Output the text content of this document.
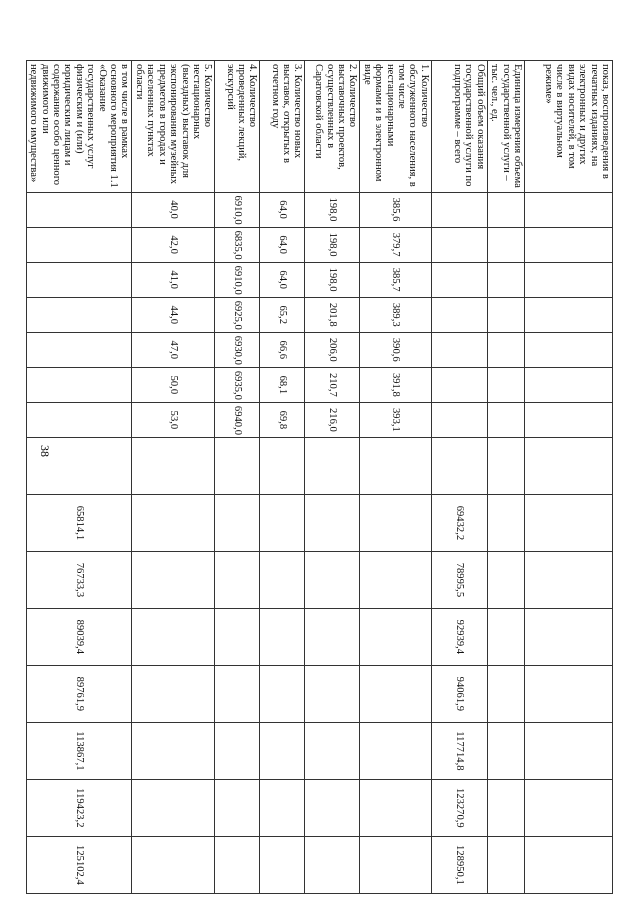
38
показ, воспроизведения в печатных изданиях, на электронных и других видах носителей, в том числе в виртуальном режиме»															
Единица измерения объема государственной услуги – тыс. чел., ед.															
Общий объем оказания государственной услуги по подпрограмме – всего									69432,2	78995,5	92939,4	94061,9	117714,8	123270,9	128950,1
1. Количество обслуженного населения, в том числе нестационарными формами и в электронном виде	385,6	379,7	385,7	389,3	390,6	391,8	393,1								
2. Количество выставочных проектов, осуществленных в Саратовской области	198,0	198,0	198,0	201,8	206,0	210,7	216,0								
3. Количество новых выставок, открытых в отчетном году	64,0	64,0	64,0	65,2	66,6	68,1	69,8								
4. Количество проведенных лекций, экскурсий	6910,0	6835,0	6910,0	6925,0	6930,0	6935,0	6940,0								
5. Количество нестационарных (выездных) выставок для экспонирования музейных предметов в городах и населенных пунктах области	40,0	42,0	41,0	44,0	47,0	50,0	53,0								
в том числе в рамках основного мероприятия 1.1 «Оказание государственных услуг физическим и (или) юридическим лицам и содержание особо ценного движимого или недвижимого имущества»									65814,1	76733,3	89039,4	89761,9	113867,1	119423,2	125102,4
